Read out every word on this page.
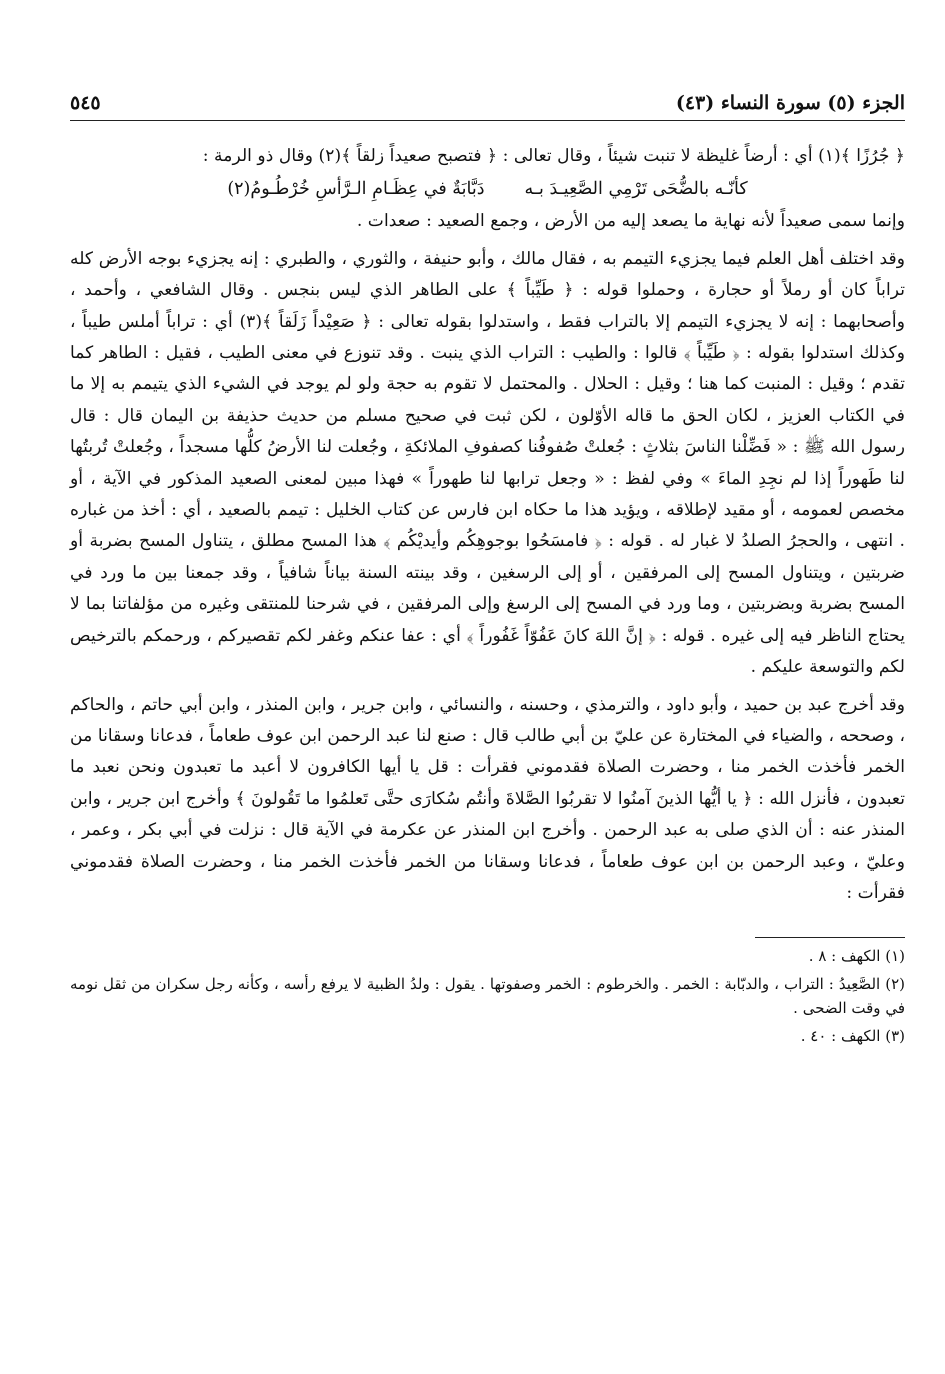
الجزء (٥) سورة النساء (٤٣)
٥٤٥

﴿ جُرُزًا ﴾(١) أي : أرضاً غليظة لا تنبت شيئاً ، وقال تعالى : ﴿ فتصبح صعيداً زلقاً ﴾(٢) وقال ذو الرمة :

كأنّـه بالضُّحَى تَرْمِي الصَّعِيـدَ بـه
دَبَّابَةٌ في عِظَـامِ الـرَّأسِ خُرْطُـومُ(٢)

وإنما سمى صعيداً لأنه نهاية ما يصعد إليه من الأرض ، وجمع الصعيد : صعدات .

وقد اختلف أهل العلم فيما يجزيء التيمم به ، فقال مالك ، وأبو حنيفة ، والثوري ، والطبري : إنه يجزيء بوجه الأرض كله تراباً كان أو رملاً أو حجارة ، وحملوا قوله : ﴿ طَيِّباً ﴾ على الطاهر الذي ليس بنجس . وقال الشافعي ، وأحمد ، وأصحابهما : إنه لا يجزيء التيمم إلا بالتراب فقط ، واستدلوا بقوله تعالى : ﴿ صَعِيْداً زَلَقاً ﴾(٣) أي : تراباً أملس طيباً ، وكذلك استدلوا بقوله : ﴿ طَيِّباً ﴾ قالوا : والطيب : التراب الذي ينبت . وقد تنوزع في معنى الطيب ، فقيل : الطاهر كما تقدم ؛ وقيل : المنبت كما هنا ؛ وقيل : الحلال . والمحتمل لا تقوم به حجة ولو لم يوجد في الشيء الذي يتيمم به إلا ما في الكتاب العزيز ، لكان الحق ما قاله الأوّلون ، لكن ثبت في صحيح مسلم من حديث حذيفة بن اليمان قال : قال رسول الله ﷺ : « فَضِّلْنا الناسَ بثلاثٍ : جُعلتْ صُفوفُنا كصفوفِ الملائكةِ ، وجُعلت لنا الأرضُ كلُّها مسجداً ، وجُعلتْ تُربتُها لنا طَهوراً إذا لم نجِدِ الماءَ » وفي لفظ : « وجعل ترابها لنا طهوراً » فهذا مبين لمعنى الصعيد المذكور في الآية ، أو مخصص لعمومه ، أو مقيد لإطلاقه ، ويؤيد هذا ما حكاه ابن فارس عن كتاب الخليل : تيمم بالصعيد ، أي : أخذ من غباره . انتهى ، والحجرُ الصلدُ لا غبار له . قوله : ﴿ فامسَحُوا بوجوهِكُم وأيديْكُم ﴾ هذا المسح مطلق ، يتناول المسح بضربة أو ضربتين ، ويتناول المسح إلى المرفقين ، أو إلى الرسغين ، وقد بينته السنة بياناً شافياً ، وقد جمعنا بين ما ورد في المسح بضربة وبضربتين ، وما ورد في المسح إلى الرسغ وإلى المرفقين ، في شرحنا للمنتقى وغيره من مؤلفاتنا بما لا يحتاج الناظر فيه إلى غيره . قوله : ﴿ إنَّ اللهَ كانَ عَفُوّاً غَفُوراً ﴾ أي : عفا عنكم وغفر لكم تقصيركم ، ورحمكم بالترخيص لكم والتوسعة عليكم .

وقد أخرج عبد بن حميد ، وأبو داود ، والترمذي ، وحسنه ، والنسائي ، وابن جرير ، وابن المنذر ، وابن أبي حاتم ، والحاكم ، وصححه ، والضياء في المختارة عن عليّ بن أبي طالب قال : صنع لنا عبد الرحمن ابن عوف طعاماً ، فدعانا وسقانا من الخمر فأخذت الخمر منا ، وحضرت الصلاة فقدموني فقرأت : قل يا أيها الكافرون لا أعبد ما تعبدون ونحن نعبد ما تعبدون ، فأنزل الله : ﴿ يا أيُّها الذينَ آمنُوا لا تقربُوا الصَّلاةَ وأنتُم سُكارَى حتَّى تَعلمُوا ما تَقُولونَ ﴾ وأخرج ابن جرير ، وابن المنذر عنه : أن الذي صلى به عبد الرحمن . وأخرج ابن المنذر عن عكرمة في الآية قال : نزلت في أبي بكر ، وعمر ، وعليّ ، وعبد الرحمن بن ابن عوف طعاماً ، فدعانا وسقانا من الخمر فأخذت الخمر منا ، وحضرت الصلاة فقدموني فقرأت :

(١) الكهف : ٨ .

(٢) الصَّعِيدُ : التراب ، والدبّابة : الخمر . والخرطوم : الخمر وصفوتها . يقول : ولدُ الظبية لا يرفع رأسه ، وكأنه رجل سكران من ثقل نومه في وقت الضحى .

(٣) الكهف : ٤٠ .
